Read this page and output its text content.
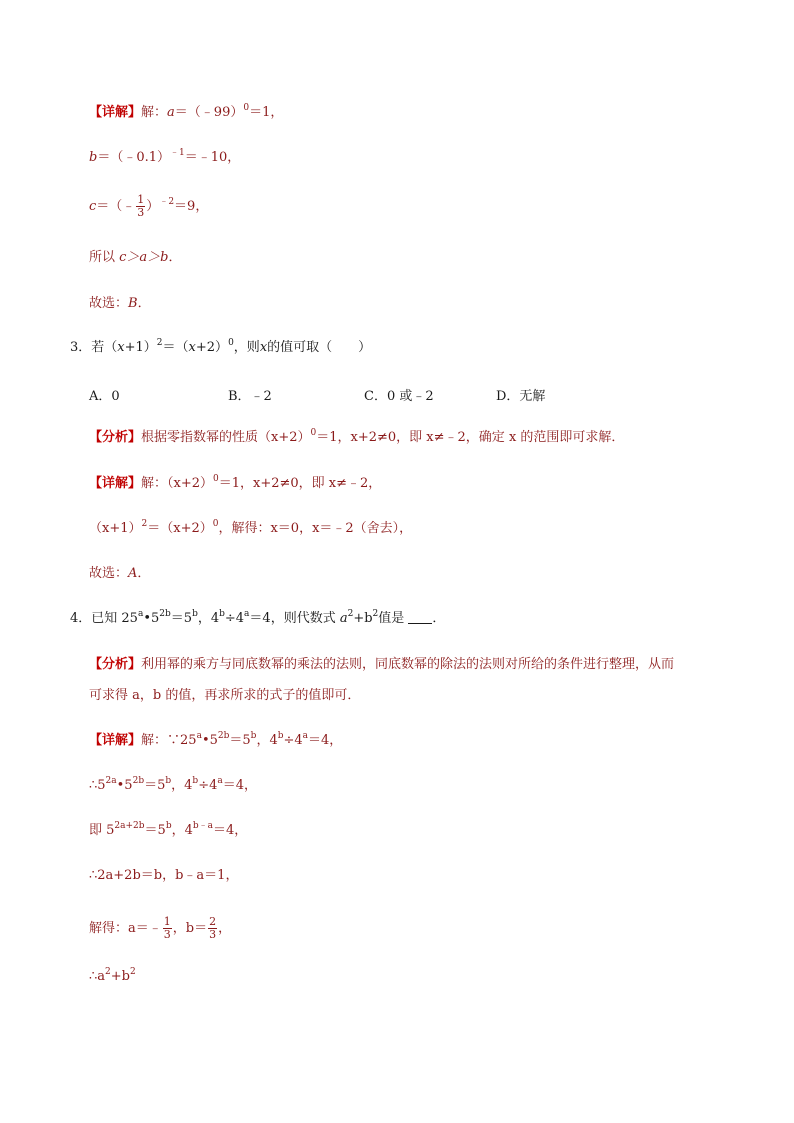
【详解】解：a＝（﹣99）$^0$＝1，
b＝（﹣0.1）$^{﹣1}$＝﹣10，
c＝（﹣ $\frac{1}{3} )^{﹣2}=9$，
所以 c＞a＞b．
故选：B．
3．若$(x+1)^2=(x+2)^0$，则x的值可取（　　）
A．0	B．﹣2	C．0 或﹣2	D．无解
【分析】根据零指数幂的性质$(x+2)^0=1$，x+2≠0，即 x≠﹣2，确定 x 的范围即可求解．
【详解】解：$(x+2)^0=1$，x+2≠0，即 x≠﹣2，
$(x+1)^2=(x+2)^0$，解得：x＝0，x＝﹣2（舍去），
故选：A．
4．已知 $25^a•5^{2b}=5^b$，$4^b\div 4^a=4$，则代数式 $a^2+b^2$值是 ．
【分析】利用幂的乘方与同底数幂的乘法的法则，同底数幂的除法的法则对所给的条件进行整理，从而
可求得 a，b 的值，再求所求的式子的值即可．
【详解】解：$\because 25^a•5^{2b}=5^b$，$4^b\div 4^a=4$，
$\therefore 5^{2a}•5^{2b}=5^b$，$4^b\div 4^a=4$，
即 $5^{2a+2b}=5^b$，$4^{b﹣a}=4$，
∴2a+2b＝b，b﹣a＝1，
解得：a＝﹣ $\frac{1}{3}$ ，$b= \frac{2}{3}$ ，
$\therefore a^2+b^2$
